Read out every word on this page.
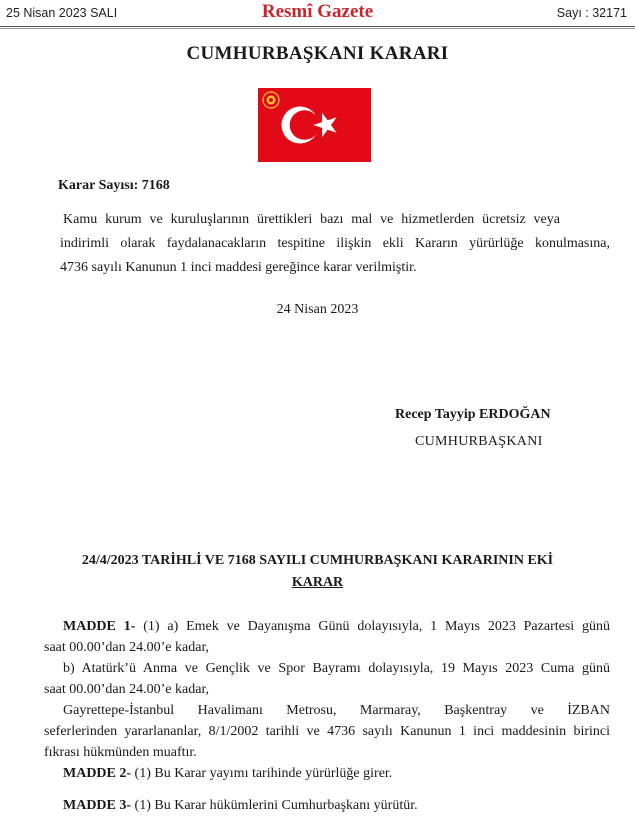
25 Nisan 2023 SALI	Resmî Gazete	Sayı : 32171
CUMHURBAŞKANI KARARI
Karar Sayısı: 7168
Kamu kurum ve kuruluşlarının ürettikleri bazı mal ve hizmetlerden ücretsiz veya
indirimli olarak faydalanacakların tespitine ilişkin ekli Kararın yürürlüğe konulmasına,
4736 sayılı Kanunun 1 inci maddesi gereğince karar verilmiştir.
24 Nisan 2023
Recep Tayyip ERDOĞAN
CUMHURBAŞKANI
24/4/2023 TARİHLİ VE 7168 SAYILI CUMHURBAŞKANI KARARININ EKİ
KARAR
MADDE 1- (1) a) Emek ve Dayanışma Günü dolayısıyla, 1 Mayıs 2023 Pazartesi günü
saat 00.00’dan 24.00’e kadar,
b) Atatürk’ü Anma ve Gençlik ve Spor Bayramı dolayısıyla, 19 Mayıs 2023 Cuma günü
saat 00.00’dan 24.00’e kadar,
Gayrettepe-İstanbul Havalimanı Metrosu, Marmaray, Başkentray ve İZBAN
seferlerinden yararlananlar, 8/1/2002 tarihli ve 4736 sayılı Kanunun 1 inci maddesinin birinci
fıkrası hükmünden muaftır.
MADDE 2- (1) Bu Karar yayımı tarihinde yürürlüğe girer.
MADDE 3- (1) Bu Karar hükümlerini Cumhurbaşkanı yürütür.
